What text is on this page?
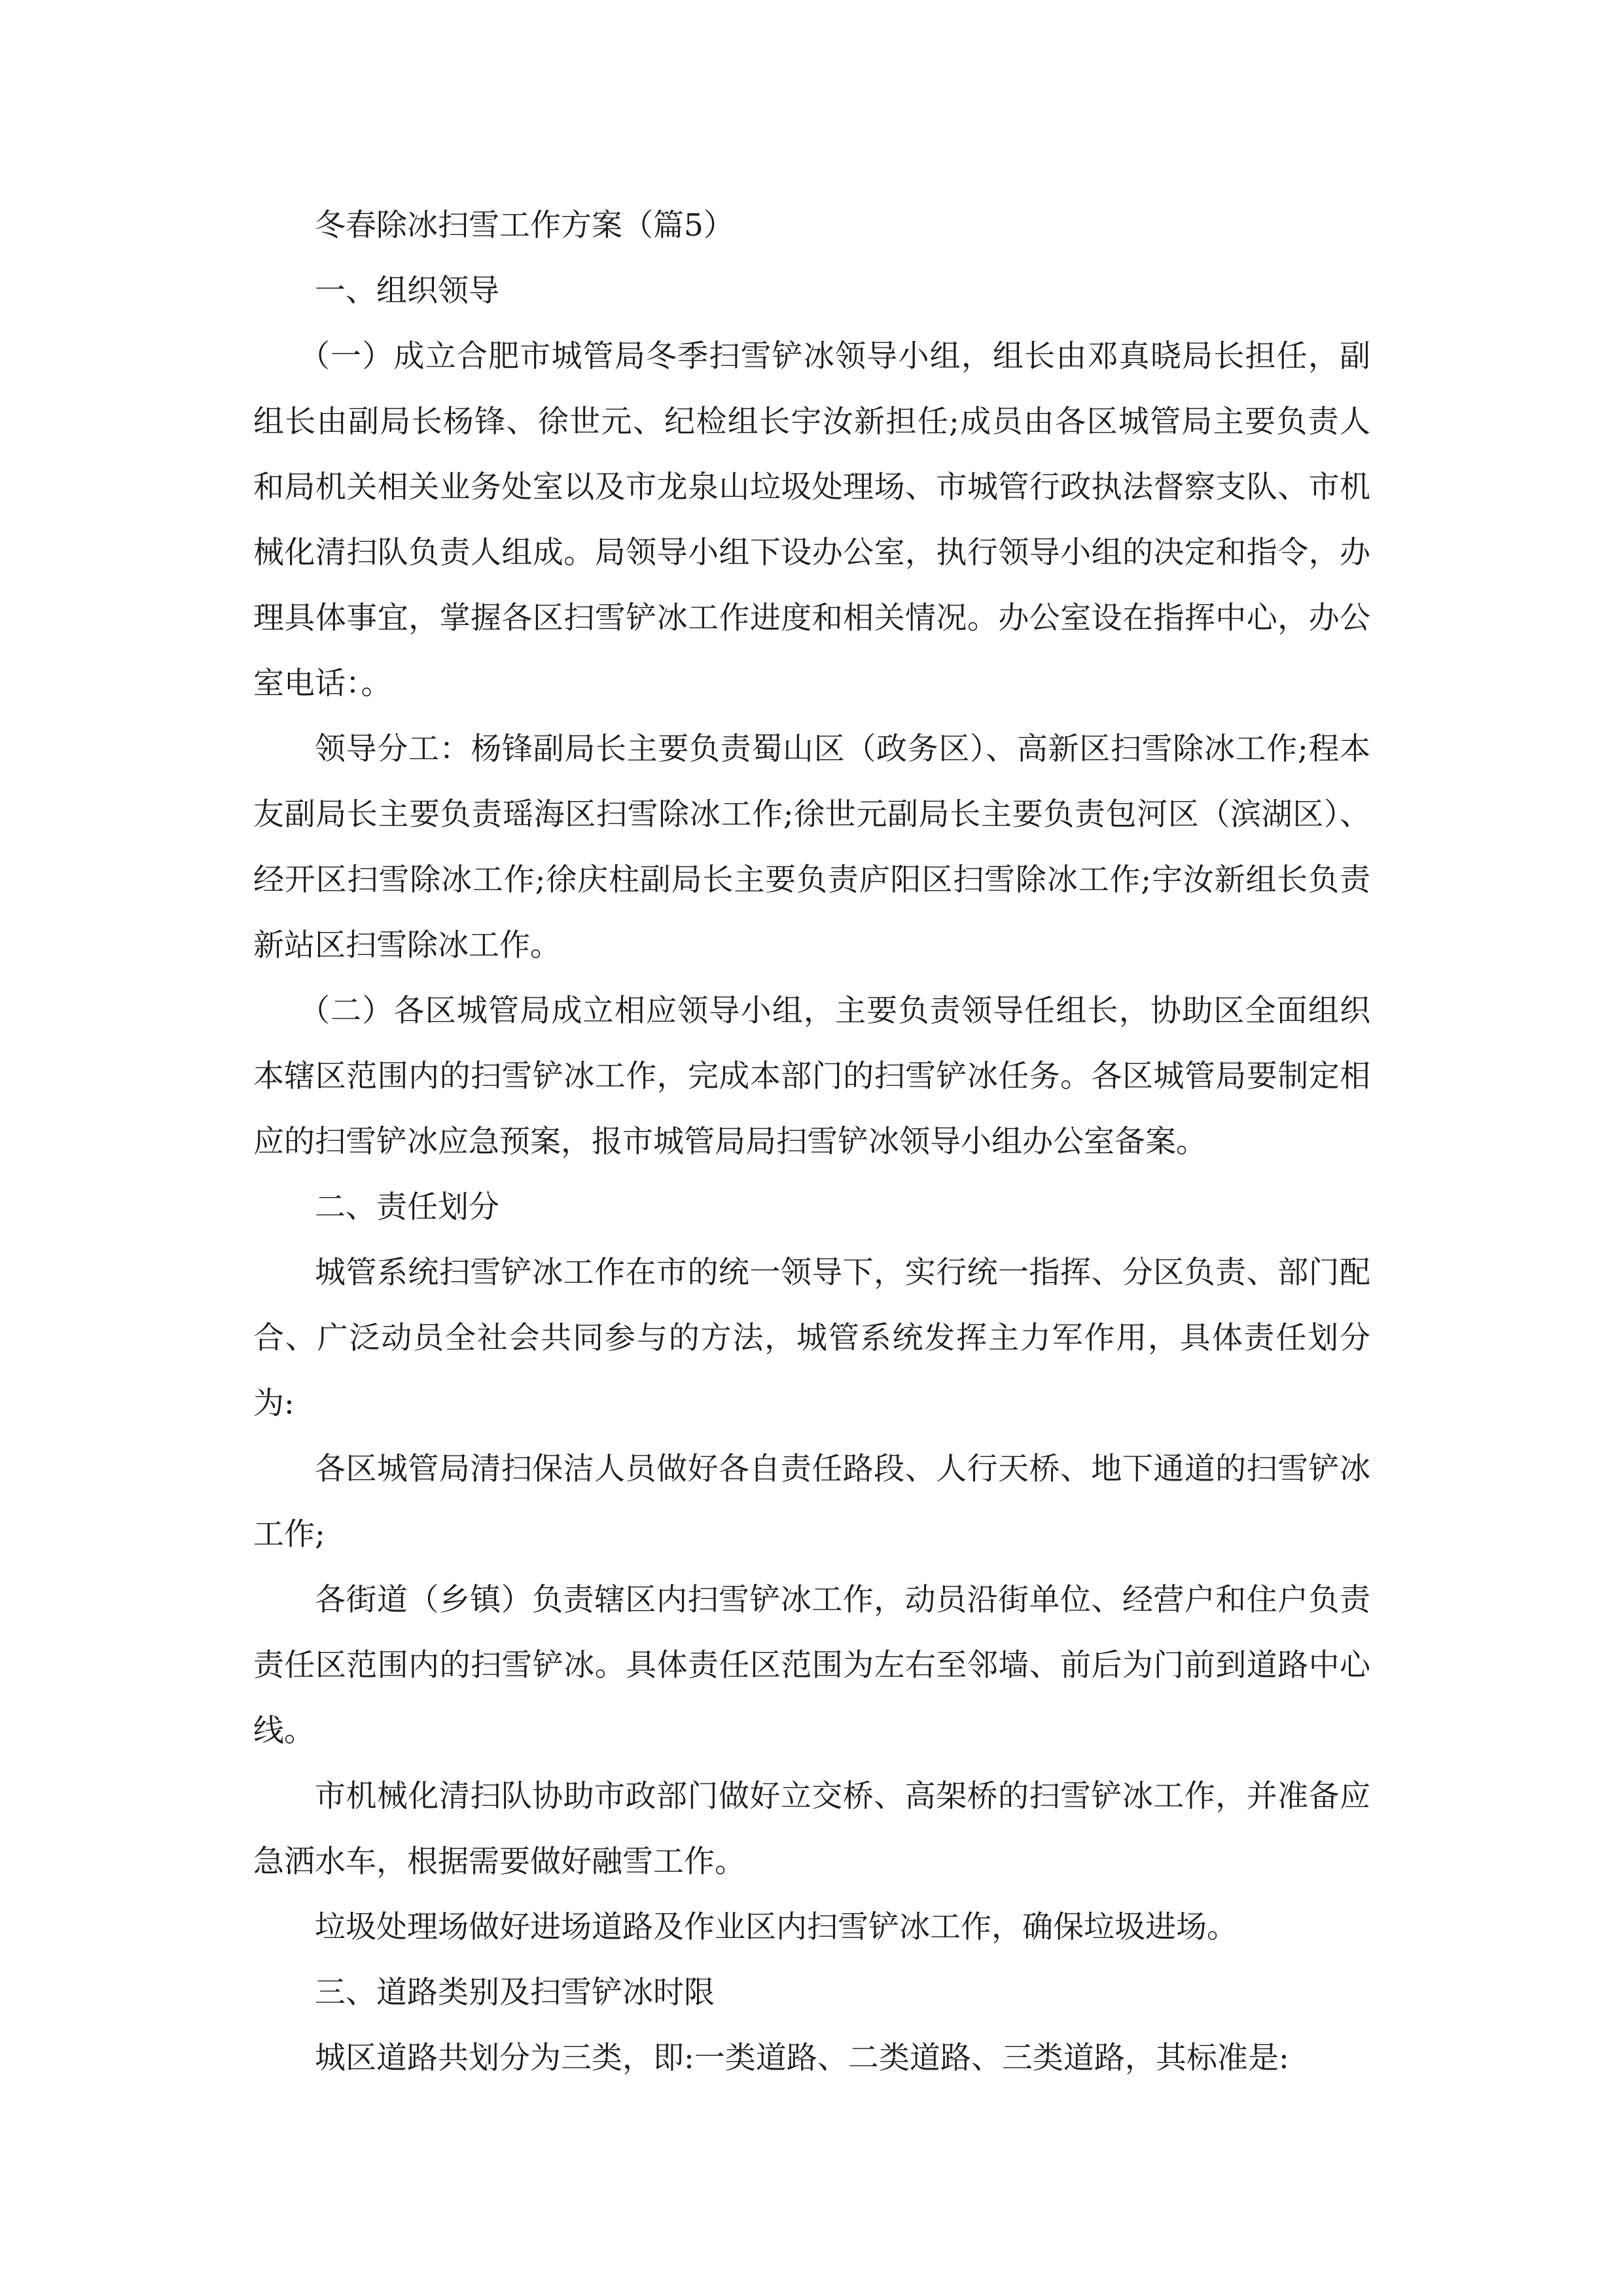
冬春除冰扫雪工作方案（篇5）

一、组织领导

（一）成立合肥市城管局冬季扫雪铲冰领导小组，组长由邓真晓局长担任，副组长由副局长杨锋、徐世元、纪检组长宇汝新担任;成员由各区城管局主要负责人和局机关相关业务处室以及市龙泉山垃圾处理场、市城管行政执法督察支队、市机械化清扫队负责人组成。局领导小组下设办公室，执行领导小组的决定和指令，办理具体事宜，掌握各区扫雪铲冰工作进度和相关情况。办公室设在指挥中心，办公室电话：。

领导分工：杨锋副局长主要负责蜀山区（政务区）、高新区扫雪除冰工作;程本友副局长主要负责瑶海区扫雪除冰工作;徐世元副局长主要负责包河区（滨湖区）、经开区扫雪除冰工作;徐庆柱副局长主要负责庐阳区扫雪除冰工作;宇汝新组长负责新站区扫雪除冰工作。

（二）各区城管局成立相应领导小组，主要负责领导任组长，协助区全面组织本辖区范围内的扫雪铲冰工作，完成本部门的扫雪铲冰任务。各区城管局要制定相应的扫雪铲冰应急预案，报市城管局局扫雪铲冰领导小组办公室备案。

二、责任划分

城管系统扫雪铲冰工作在市的统一领导下，实行统一指挥、分区负责、部门配合、广泛动员全社会共同参与的方法，城管系统发挥主力军作用，具体责任划分为:

各区城管局清扫保洁人员做好各自责任路段、人行天桥、地下通道的扫雪铲冰工作;

各街道（乡镇）负责辖区内扫雪铲冰工作，动员沿街单位、经营户和住户负责责任区范围内的扫雪铲冰。具体责任区范围为左右至邻墙、前后为门前到道路中心线。

市机械化清扫队协助市政部门做好立交桥、高架桥的扫雪铲冰工作，并准备应急洒水车，根据需要做好融雪工作。

垃圾处理场做好进场道路及作业区内扫雪铲冰工作，确保垃圾进场。

三、道路类别及扫雪铲冰时限

城区道路共划分为三类，即:一类道路、二类道路、三类道路，其标准是:
